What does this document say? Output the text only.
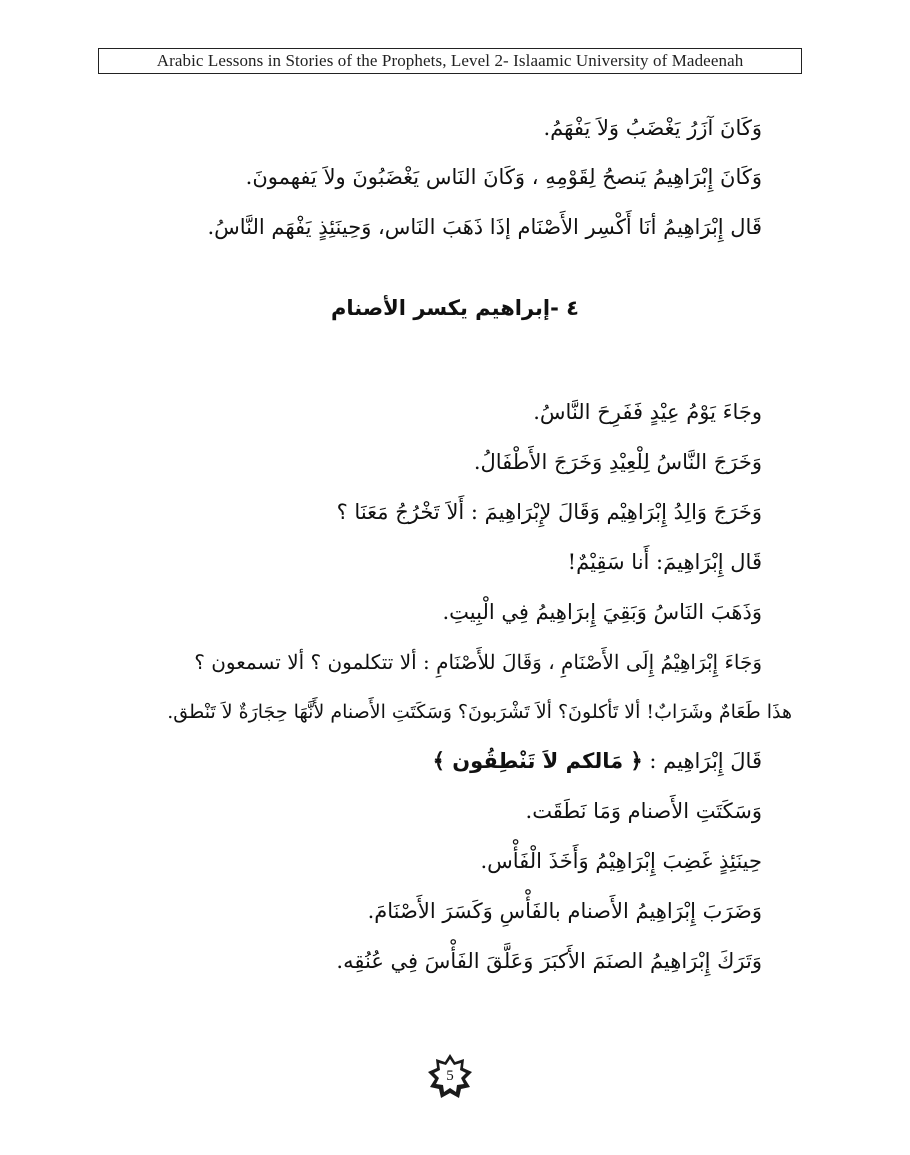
Arabic Lessons in Stories of the Prophets, Level 2- Islaamic University of Madeenah
وَكَانَ آزَرُ يَغْضَبُ وَلاَ يَفْهَمُ.
وَكَانَ إِبْرَاهِيمُ يَنصحُ لِقَوْمِهِ ، وَكَانَ النَاس يَغْضَبُونَ ولاَ يَفهمونَ.
قَال إِبْرَاهِيمُ أنَا أَكْسِر الأَصْنَام إذَا ذَهَبَ النَاس، وَحِينَئِذٍ يَفْهَم النَّاسُ.
٤ -إبراهيم يكسر الأصنام
وجَاءَ يَوْمُ عِيْدٍ فَفَرِحَ النَّاسُ.
وَخَرَجَ النَّاسُ لِلْعِيْدِ وَخَرَجَ الأَطْفَالُ.
وَخَرَجَ وَالِدُ إِبْرَاهِيْم وَقَالَ لإِبْرَاهِيمَ : أَلاَ تَخْرُجُ مَعَنَا ؟
قَال إِبْرَاهِيمَ: أَنا سَقِيْمٌ!
وَذَهَبَ النَاسُ وَبَقِيَ إِبرَاهِيمُ فِي الْبِيتِ.
وَجَاءَ إِبْرَاهِيْمُ إِلَى الأَصْنَامِ ، وَقَالَ للأَصْنَامِ : ألا تتكلمون ؟ ألا تسمعون ؟
هذَا طَعَامٌ وشَرَابٌ! ألا تَأكلونَ؟ ألاَ تَشْرَبونَ؟ وَسَكَتَتِ الأَصنام لأَنَّهَا حِجَارَةٌ لاَ تَنْطق.
قَالَ إِبْرَاهِيم : ﴿ مَالكم لاَ تَنْطِقُون ﴾
وَسَكَتَتِ الأَصنام وَمَا نَطَقَت.
حِينَئِذٍ غَضِبَ إِبْرَاهِيْمُ وَأَخَذَ الْفَأْس.
وَضَرَبَ إِبْرَاهِيمُ الأَصنام بالفَأْسِ وَكَسَرَ الأَصْنَامَ.
وَتَرَكَ إِبْرَاهِيمُ الصنَمَ الأَكبَرَ وَعَلَّقَ الفَأْسَ فِي عُنُقِه.
5
